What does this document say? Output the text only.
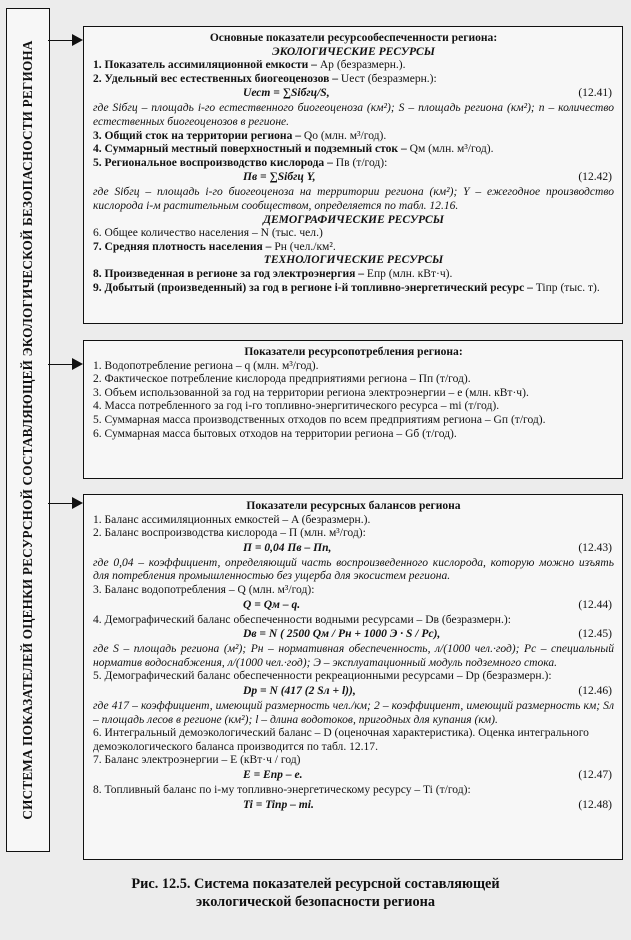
СИСТЕМА ПОКАЗАТЕЛЕЙ ОЦЕНКИ РЕСУРСНОЙ СОСТАВЛЯЮЩЕЙ ЭКОЛОГИЧЕСКОЙ БЕЗОПАСНОСТИ РЕГИОНА
Основные показатели ресурсообеспеченности региона:
ЭКОЛОГИЧЕСКИЕ РЕСУРСЫ

1. Показатель ассимиляционной емкости – Aр (безразмерн.).

2. Удельный вес естественных биогеоценозов – Uест (безразмерн.):

Uест = ∑Siбгц/S,	(12.41)

где Siбгц – площадь i-го естественного биогеоценоза (км²); S – площадь региона (км²); n – количество естественных биогеоценозов в регионе.

3. Общий сток на территории региона – Qо (млн. м³/год).

4. Суммарный местный поверхностный и подземный сток – Qм (млн. м³/год).

5. Региональное воспроизводство кислорода – Пв (т/год):

Пв = ∑Siбгц Y,	(12.42)

где Siбгц – площадь i-го биогеоценоза на территории региона (км²); Y – ежегодное производство кислорода i-м растительным сообществом, определяется по табл. 12.16.

ДЕМОГРАФИЧЕСКИЕ РЕСУРСЫ

6. Общее количество населения – N (тыс. чел.)

7. Средняя плотность населения – Рн (чел./км².

ТЕХНОЛОГИЧЕСКИЕ РЕСУРСЫ

8. Произведенная в регионе за год электроэнергия – Eпр (млн. кВт·ч).

9. Добытый (произведенный) за год в регионе i-й топливно-энергетический ресурс – Tiпр (тыс. т).

Показатели ресурсопотребления региона:

1. Водопотребление региона – q (млн. м³/год).

2. Фактическое потребление кислорода предприятиями региона – Пп (т/год).

3. Объем использованной за год на территории региона электроэнергии – e (млн. кВт·ч).

4. Масса потребленного за год i-го топливно-энергитического ресурса – mi (т/год).

5. Суммарная масса производственных отходов по всем предприятиям региона – Gп (т/год).

6. Суммарная масса бытовых отходов на территории региона – Gб (т/год).

Показатели ресурсных балансов региона

1. Баланс ассимиляционных емкостей – A (безразмерн.).

2. Баланс воспроизводства кислорода – П (млн. м³/год):

П = 0,04 Пв – Пп,	(12.43)

где 0,04 – коэффициент, определяющий часть воспроизведенного кислорода, которую можно изъять для потребления промышленностью без ущерба для экосистем региона.

3. Баланс водопотребления – Q (млн. м³/год):

Q = Qм – q.	(12.44)

4. Демографический баланс обеспеченности водными ресурсами – Dв (безразмерн.):

Dв = N ( 2500 Qм / Рн + 1000 Э · S / Рс),	(12.45)

где S – площадь региона (м²); Рн – нормативная обеспеченность, л/(1000 чел.·год); Рс – специальный норматив водоснабжения, л/(1000 чел.·год); Э – эксплуатационный модуль подземного стока.

5. Демографический баланс обеспеченности рекреационными ресурсами – Dр (безразмерн.):

Dр = N (417 (2 Sл + l)),	(12.46)

где 417 – коэффициент, имеющий размерность чел./км; 2 – коэффициент, имеющий размерность км; Sл – площадь лесов в регионе (км²); l – длина водотоков, пригодных для купания (км).

6. Интегральный демоэкологический баланс – D (оценочная характеристика). Оценка интегрального демоэкологического баланса производится по табл. 12.17.

7. Баланс электроэнергии – E (кВт·ч / год)

E = Eпр – e.	(12.47)

8. Топливный баланс по i-му топливно-энергетическому ресурсу – Ti (т/год):

Ti = Tiпр – mi.	(12.48)
Рис. 12.5. Система показателей ресурсной составляющей
экологической безопасности региона
